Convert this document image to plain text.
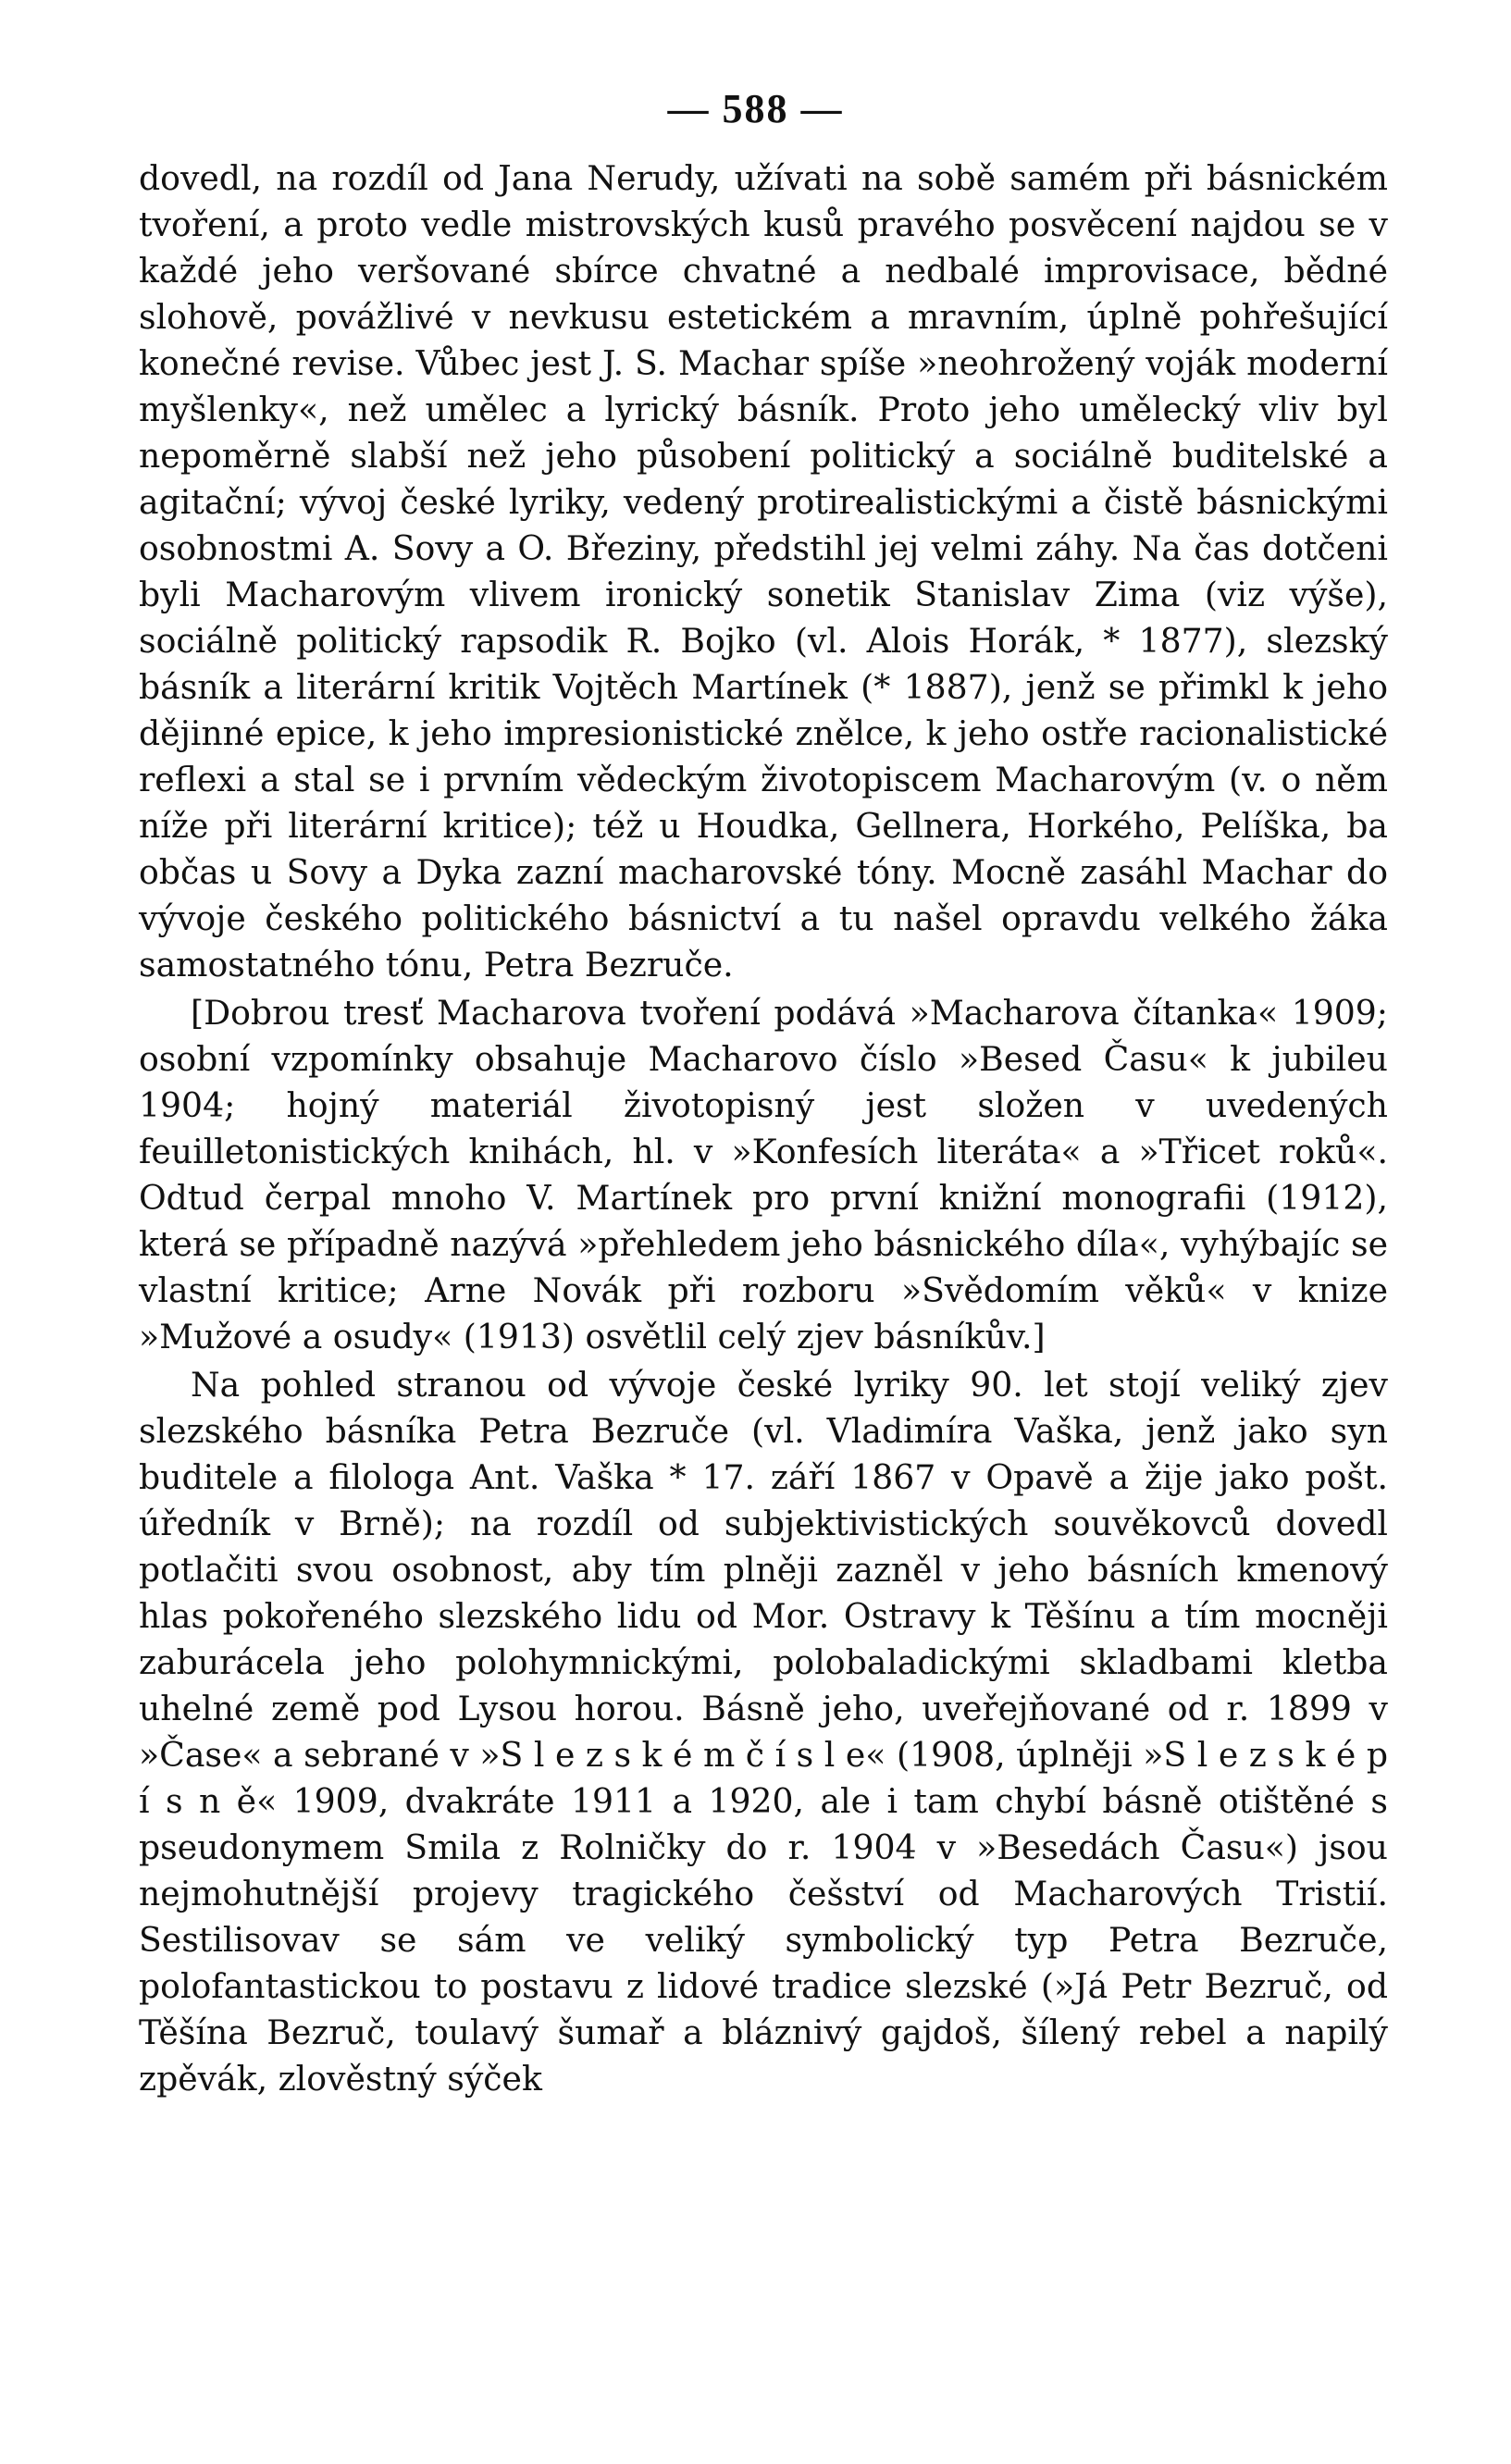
— 588 —

dovedl, na rozdíl od Jana Nerudy, užívati na sobě samém při básnickém tvoření, a proto vedle mistrovských kusů pravého posvěcení najdou se v každé jeho veršované sbírce chvatné a nedbalé improvisace, bědné slohově, povážlivé v nevkusu estetickém a mravním, úplně pohřešující konečné revise. Vůbec jest J. S. Machar spíše »neohrožený voják moderní myšlenky«, než umělec a lyrický básník. Proto jeho umělecký vliv byl nepoměrně slabší než jeho působení politický a sociálně buditelské a agitační; vývoj české lyriky, vedený protirealistickými a čistě básnickými osobnostmi A. Sovy a O. Březiny, předstihl jej velmi záhy. Na čas dotčeni byli Macharovým vlivem ironický sonetik Stanislav Zima (viz výše), sociálně politický rapsodik R. Bojko (vl. Alois Horák, * 1877), slezský básník a literární kritik Vojtěch Martínek (* 1887), jenž se přimkl k jeho dějinné epice, k jeho impresionistické znělce, k jeho ostře racionalistické reflexi a stal se i prvním vědeckým životopiscem Macharovým (v. o něm níže při literární kritice); též u Houdka, Gellnera, Horkého, Pelíška, ba občas u Sovy a Dyka zazní macharovské tóny. Mocně zasáhl Machar do vývoje českého politického básnictví a tu našel opravdu velkého žáka samostatného tónu, Petra Bezruče.

[Dobrou tresť Macharova tvoření podává »Macharova čítanka« 1909; osobní vzpomínky obsahuje Macharovo číslo »Besed Času« k jubileu 1904; hojný materiál životopisný jest složen v uvedených feuilletonistických knihách, hl. v »Konfesích literáta« a »Třicet roků«. Odtud čerpal mnoho V. Martínek pro první knižní monografii (1912), která se případně nazývá »přehledem jeho básnického díla«, vyhýbajíc se vlastní kritice; Arne Novák při rozboru »Svědomím věků« v knize »Mužové a osudy« (1913) osvětlil celý zjev básníkův.]

Na pohled stranou od vývoje české lyriky 90. let stojí veliký zjev slezského básníka Petra Bezruče (vl. Vladimíra Vaška, jenž jako syn buditele a filologa Ant. Vaška * 17. září 1867 v Opavě a žije jako pošt. úředník v Brně); na rozdíl od subjektivistických souvěkovců dovedl potlačiti svou osobnost, aby tím plněji zazněl v jeho básních kmenový hlas pokořeného slezského lidu od Mor. Ostravy k Těšínu a tím mocněji zaburácela jeho polohymnickými, polobaladickými skladbami kletba uhelné země pod Lysou horou. Básně jeho, uveřejňované od r. 1899 v »Čase« a sebrané v »S l e z s k é m č í s l e« (1908, úplněji »S l e z s k é p í s n ě« 1909, dvakráte 1911 a 1920, ale i tam chybí básně otištěné s pseudonymem Smila z Rolničky do r. 1904 v »Besedách Času«) jsou nejmohutnější projevy tragického češství od Macharových Tristií. Sestilisovav se sám ve veliký symbolický typ Petra Bezruče, polofantastickou to postavu z lidové tradice slezské (»Já Petr Bezruč, od Těšína Bezruč, toulavý šumař a bláznivý gajdoš, šílený rebel a napilý zpěvák, zlověstný sýček
